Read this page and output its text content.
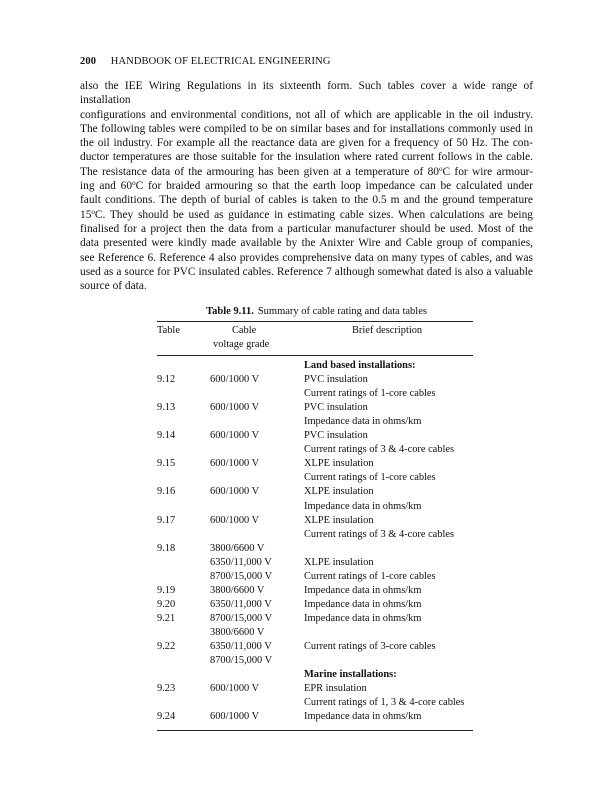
200 HANDBOOK OF ELECTRICAL ENGINEERING
also the IEE Wiring Regulations in its sixteenth form. Such tables cover a wide range of installation
configurations and environmental conditions, not all of which are applicable in the oil industry.
The following tables were compiled to be on similar bases and for installations commonly used in
the oil industry. For example all the reactance data are given for a frequency of 50 Hz. The con-
ductor temperatures are those suitable for the insulation where rated current follows in the cable.
The resistance data of the armouring has been given at a temperature of 80$^o$C for wire armour-
ing and 60$^o$C for braided armouring so that the earth loop impedance can be calculated under
fault conditions. The depth of burial of cables is taken to the 0.5 m and the ground temperature
15$^o$C. They should be used as guidance in estimating cable sizes. When calculations are being
finalised for a project then the data from a particular manufacturer should be used. Most of the
data presented were kindly made available by the Anixter Wire and Cable group of companies,
see Reference 6. Reference 4 also provides comprehensive data on many types of cables, and was
used as a source for PVC insulated cables. Reference 7 although somewhat dated is also a valuable
source of data.
Table 9.11. Summary of cable rating and data tables
Table	Cable
voltage grade
Brief description
Land based installations:
9.12	600/1000 V	PVC insulation
Current ratings of 1-core cables
9.13	600/1000 V	PVC insulation
Impedance data in ohms/km
9.14	600/1000 V	PVC insulation
Current ratings of 3 & 4-core cables
9.15	600/1000 V	XLPE insulation
Current ratings of 1-core cables
9.16	600/1000 V	XLPE insulation
Impedance data in ohms/km
9.17	600/1000 V	XLPE insulation
Current ratings of 3 & 4-core cables
9.18	3800/6600 V
6350/11,000 V	XLPE insulation
8700/15,000 V	Current ratings of 1-core cables
9.19	3800/6600 V	Impedance data in ohms/km
9.20	6350/11,000 V	Impedance data in ohms/km
9.21	8700/15,000 V	Impedance data in ohms/km
3800/6600 V
9.22	6350/11,000 V	Current ratings of 3-core cables
8700/15,000 V
Marine installations:
9.23	600/1000 V	EPR insulation
Current ratings of 1, 3 & 4-core cables
9.24	600/1000 V	Impedance data in ohms/km
